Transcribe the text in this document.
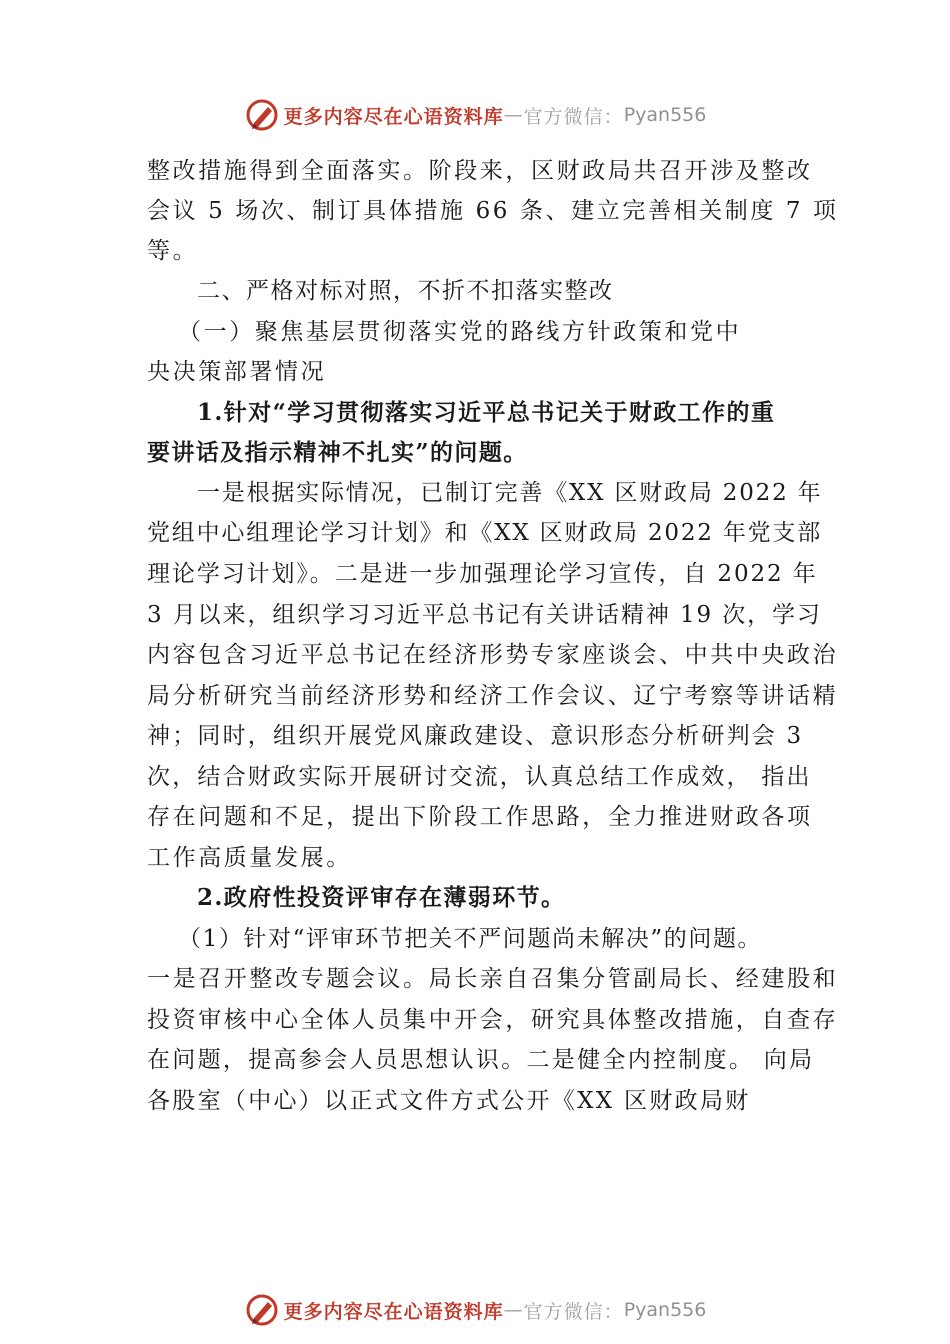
更多内容尽在心语资料库 — 官方微信： Pyan556
整改措施得到全面落实。阶段来，区财政局共召开涉及整改
会议 5 场次、制订具体措施 66 条、建立完善相关制度 7 项
等。
二、严格对标对照，不折不扣落实整改
（一）聚焦基层贯彻落实党的路线方针政策和党中
央决策部署情况
1.针对“学习贯彻落实习近平总书记关于财政工作的重
要讲话及指示精神不扎实”的问题。
一是根据实际情况，已制订完善《XX 区财政局 2022 年
党组中心组理论学习计划》和《XX 区财政局 2022 年党支部
理论学习计划》。二是进一步加强理论学习宣传，自 2022 年
3 月以来，组织学习习近平总书记有关讲话精神 19 次，学习
内容包含习近平总书记在经济形势专家座谈会、中共中央政治
局分析研究当前经济形势和经济工作会议、辽宁考察等讲话精
神；同时，组织开展党风廉政建设、意识形态分析研判会 3
次，结合财政实际开展研讨交流，认真总结工作成效， 指出
存在问题和不足，提出下阶段工作思路，全力推进财政各项
工作高质量发展。
2.政府性投资评审存在薄弱环节。
（1）针对“评审环节把关不严问题尚未解决”的问题。
一是召开整改专题会议。局长亲自召集分管副局长、经建股和
投资审核中心全体人员集中开会，研究具体整改措施，自查存
在问题，提高参会人员思想认识。二是健全内控制度。 向局
各股室（中心）以正式文件方式公开《XX 区财政局财
更多内容尽在心语资料库 — 官方微信： Pyan556
